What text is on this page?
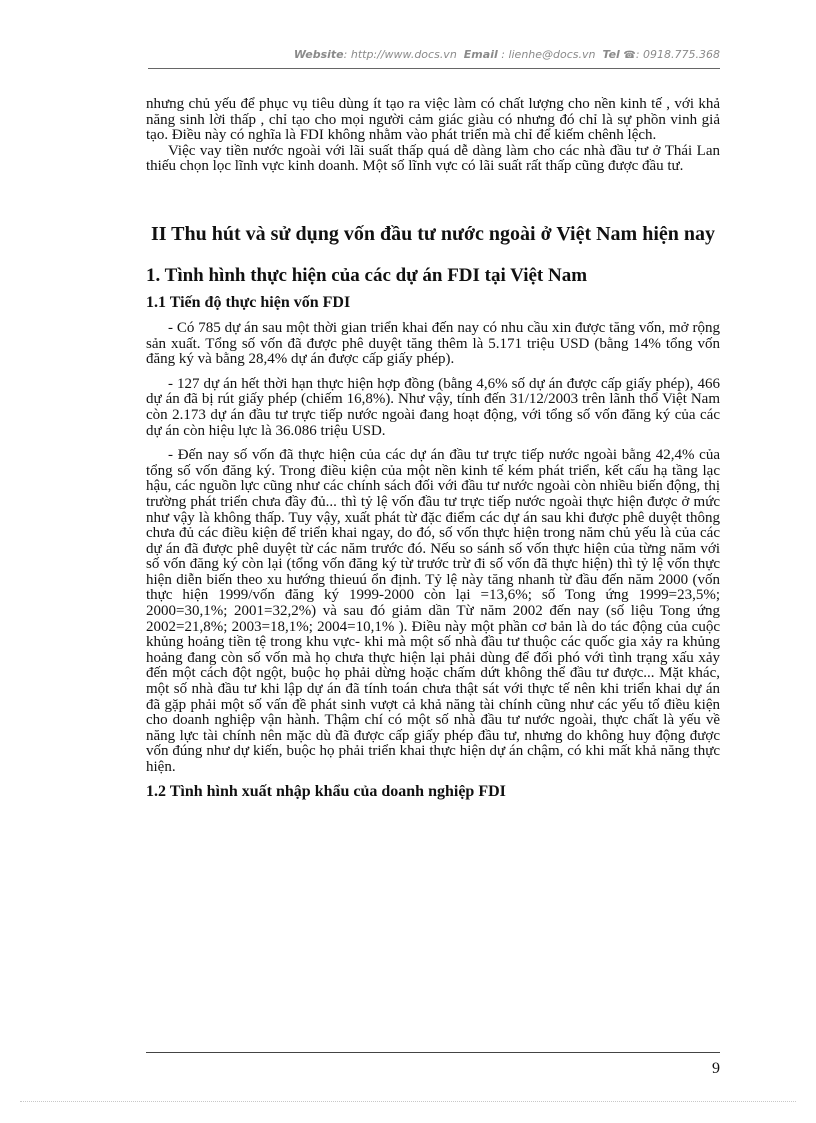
Website: http://www.docs.vn Email : lienhe@docs.vn Tel ☎: 0918.775.368

nhưng chủ yếu để phục vụ tiêu dùng ít tạo ra việc làm có chất lượng cho nền kinh tế , với khả năng sinh lời thấp , chỉ tạo cho mọi người cảm giác giàu có nhưng đó chỉ là sự phồn vinh giả tạo. Điều này có nghĩa là FDI không nhằm vào phát triển mà chỉ để kiếm chênh lệch.

Việc vay tiền nước ngoài với lãi suất thấp quá dễ dàng làm cho các nhà đầu tư ở Thái Lan thiếu chọn lọc lĩnh vực kinh doanh. Một số lĩnh vực có lãi suất rất thấp cũng được đầu tư.

II Thu hút và sử dụng vốn đầu tư nước ngoài ở Việt Nam hiện nay
1. Tình hình thực hiện của các dự án FDI tại Việt Nam
1.1 Tiến độ thực hiện vốn FDI

- Có 785 dự án sau một thời gian triển khai đến nay có nhu cầu xin được tăng vốn, mở rộng sản xuất. Tổng số vốn đã được phê duyệt tăng thêm là 5.171 triệu USD (bằng 14% tổng vốn đăng ký và bằng 28,4% dự án được cấp giấy phép).

- 127 dự án hết thời hạn thực hiện hợp đồng (bằng 4,6% số dự án được cấp giấy phép), 466 dự án đã bị rút giấy phép (chiếm 16,8%). Như vậy, tính đến 31/12/2003 trên lãnh thổ Việt Nam còn 2.173 dự án đầu tư trực tiếp nước ngoài đang hoạt động, với tổng số vốn đăng ký của các dự án còn hiệu lực là 36.086 triệu USD.

- Đến nay số vốn đã thực hiện của các dự án đầu tư trực tiếp nước ngoài bằng 42,4% của tổng số vốn đăng ký. Trong điều kiện của một nền kinh tế kém phát triển, kết cấu hạ tầng lạc hậu, các nguồn lực cũng như các chính sách đối với đầu tư nước ngoài còn nhiều biến động, thị trường phát triển chưa đầy đủ... thì tỷ lệ vốn đầu tư trực tiếp nước ngoài thực hiện được ở mức như vậy là không thấp. Tuy vậy, xuất phát từ đặc điểm các dự án sau khi được phê duyệt thông chưa đủ các điều kiện để triển khai ngay, do đó, số vốn thực hiện trong năm chủ yếu là của các dự án đã được phê duyệt từ các năm trước đó. Nếu so sánh số vốn thực hiện của từng năm với số vốn đăng ký còn lại (tổng vốn đăng ký từ trước trừ đi số vốn đã thực hiện) thì tỷ lệ vốn thực hiện diễn biến theo xu hướng thieuú ổn định. Tỷ lệ này tăng nhanh từ đầu đến năm 2000 (vốn thực hiện 1999/vốn đăng ký 1999-2000 còn lại =13,6%; số Tong ứng 1999=23,5%; 2000=30,1%; 2001=32,2%) và sau đó giảm dần Từ năm 2002 đến nay (số liệu Tong ứng 2002=21,8%; 2003=18,1%; 2004=10,1% ). Điều này một phần cơ bản là do tác động của cuộc khủng hoảng tiền tệ trong khu vực- khi mà một số nhà đầu tư thuộc các quốc gia xảy ra khủng hoảng đang còn số vốn mà họ chưa thực hiện lại phải dùng để đối phó với tình trạng xấu xảy đến một cách đột ngột, buộc họ phải dừng hoặc chấm dứt không thể đầu tư được... Mặt khác, một số nhà đầu tư khi lập dự án đã tính toán chưa thật sát với thực tế nên khi triển khai dự án đã gặp phải một số vấn đề phát sinh vượt cả khả năng tài chính cũng như các yếu tố điều kiện cho doanh nghiệp vận hành. Thậm chí có một số nhà đầu tư nước ngoài, thực chất là yếu về năng lực tài chính nên mặc dù đã được cấp giấy phép đầu tư, nhưng do không huy động được vốn đúng như dự kiến, buộc họ phải triển khai thực hiện dự án chậm, có khi mất khả năng thực hiện.

1.2 Tình hình xuất nhập khẩu của doanh nghiệp FDI
9
